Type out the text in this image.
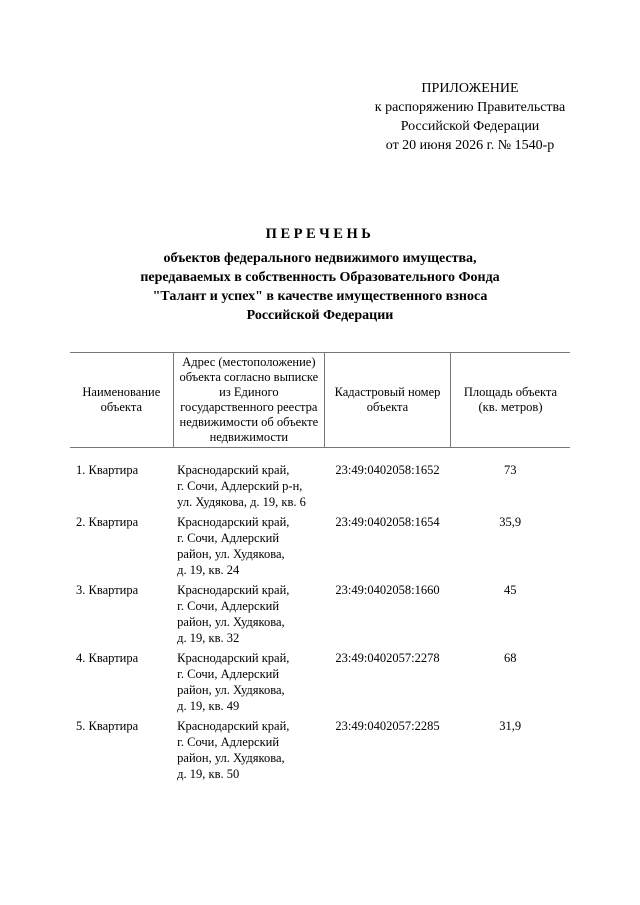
ПРИЛОЖЕНИЕ
к распоряжению Правительства
Российской Федерации
от 20 июня 2026 г. № 1540-р
ПЕРЕЧЕНЬ
объектов федерального недвижимого имущества,
передаваемых в собственность Образовательного Фонда
"Талант и успех" в качестве имущественного взноса
Российской Федерации
Наименование объекта	Адрес (местоположение) объекта согласно выписке из Единого государственного реестра недвижимости об объекте недвижимости	Кадастровый номер объекта	Площадь объекта (кв. метров)

1. Квартира	Краснодарский край,
г. Сочи, Адлерский р-н,
ул. Худякова, д. 19, кв. 6	23:49:0402058:1652	73
2. Квартира	Краснодарский край,
г. Сочи, Адлерский
район, ул. Худякова,
д. 19, кв. 24	23:49:0402058:1654	35,9
3. Квартира	Краснодарский край,
г. Сочи, Адлерский
район, ул. Худякова,
д. 19, кв. 32	23:49:0402058:1660	45
4. Квартира	Краснодарский край,
г. Сочи, Адлерский
район, ул. Худякова,
д. 19, кв. 49	23:49:0402057:2278	68
5. Квартира	Краснодарский край,
г. Сочи, Адлерский
район, ул. Худякова,
д. 19, кв. 50	23:49:0402057:2285	31,9
